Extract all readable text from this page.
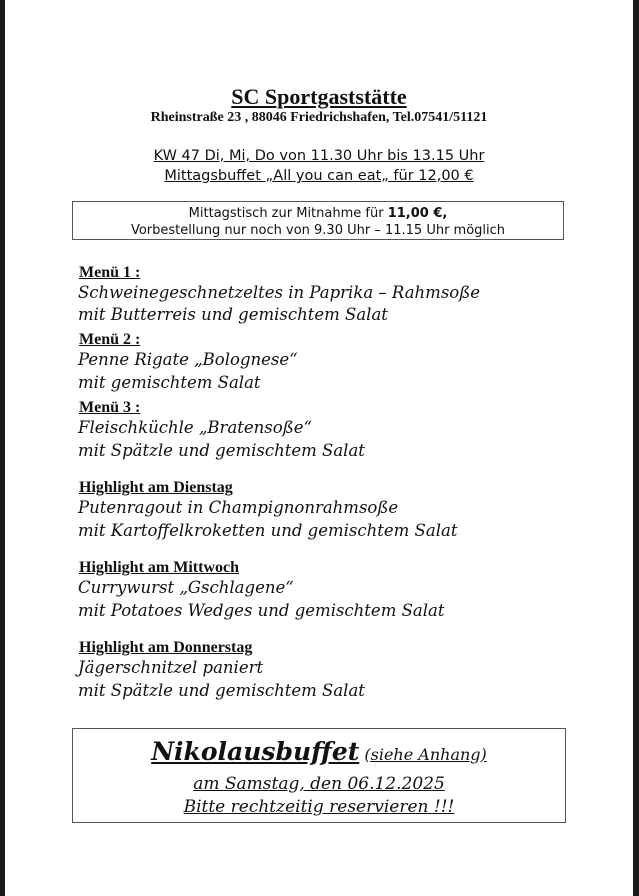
SC Sportgaststätte
Rheinstraße 23 , 88046 Friedrichshafen, Tel.07541/51121
KW 47 Di, Mi, Do von 11.30 Uhr bis 13.15 Uhr
Mittagsbuffet „All you can eat„ für 12,00 €
Mittagstisch zur Mitnahme für 11,00 €,
Vorbestellung nur noch von 9.30 Uhr – 11.15 Uhr möglich
Menü 1 :
Schweinegeschnetzeltes in Paprika – Rahmsoße
mit Butterreis und gemischtem Salat
Menü 2 :
Penne Rigate „Bolognese“
mit gemischtem Salat
Menü 3 :
Fleischküchle „Bratensoße“
mit Spätzle und gemischtem Salat
Highlight am Dienstag
Putenragout in Champignonrahmsoße
mit Kartoffelkroketten und gemischtem Salat
Highlight am Mittwoch
Currywurst „Gschlagene“
mit Potatoes Wedges und gemischtem Salat
Highlight am Donnerstag
Jägerschnitzel paniert
mit Spätzle und gemischtem Salat
Nikolausbuffet (siehe Anhang)
am Samstag, den 06.12.2025
Bitte rechtzeitig reservieren !!!
